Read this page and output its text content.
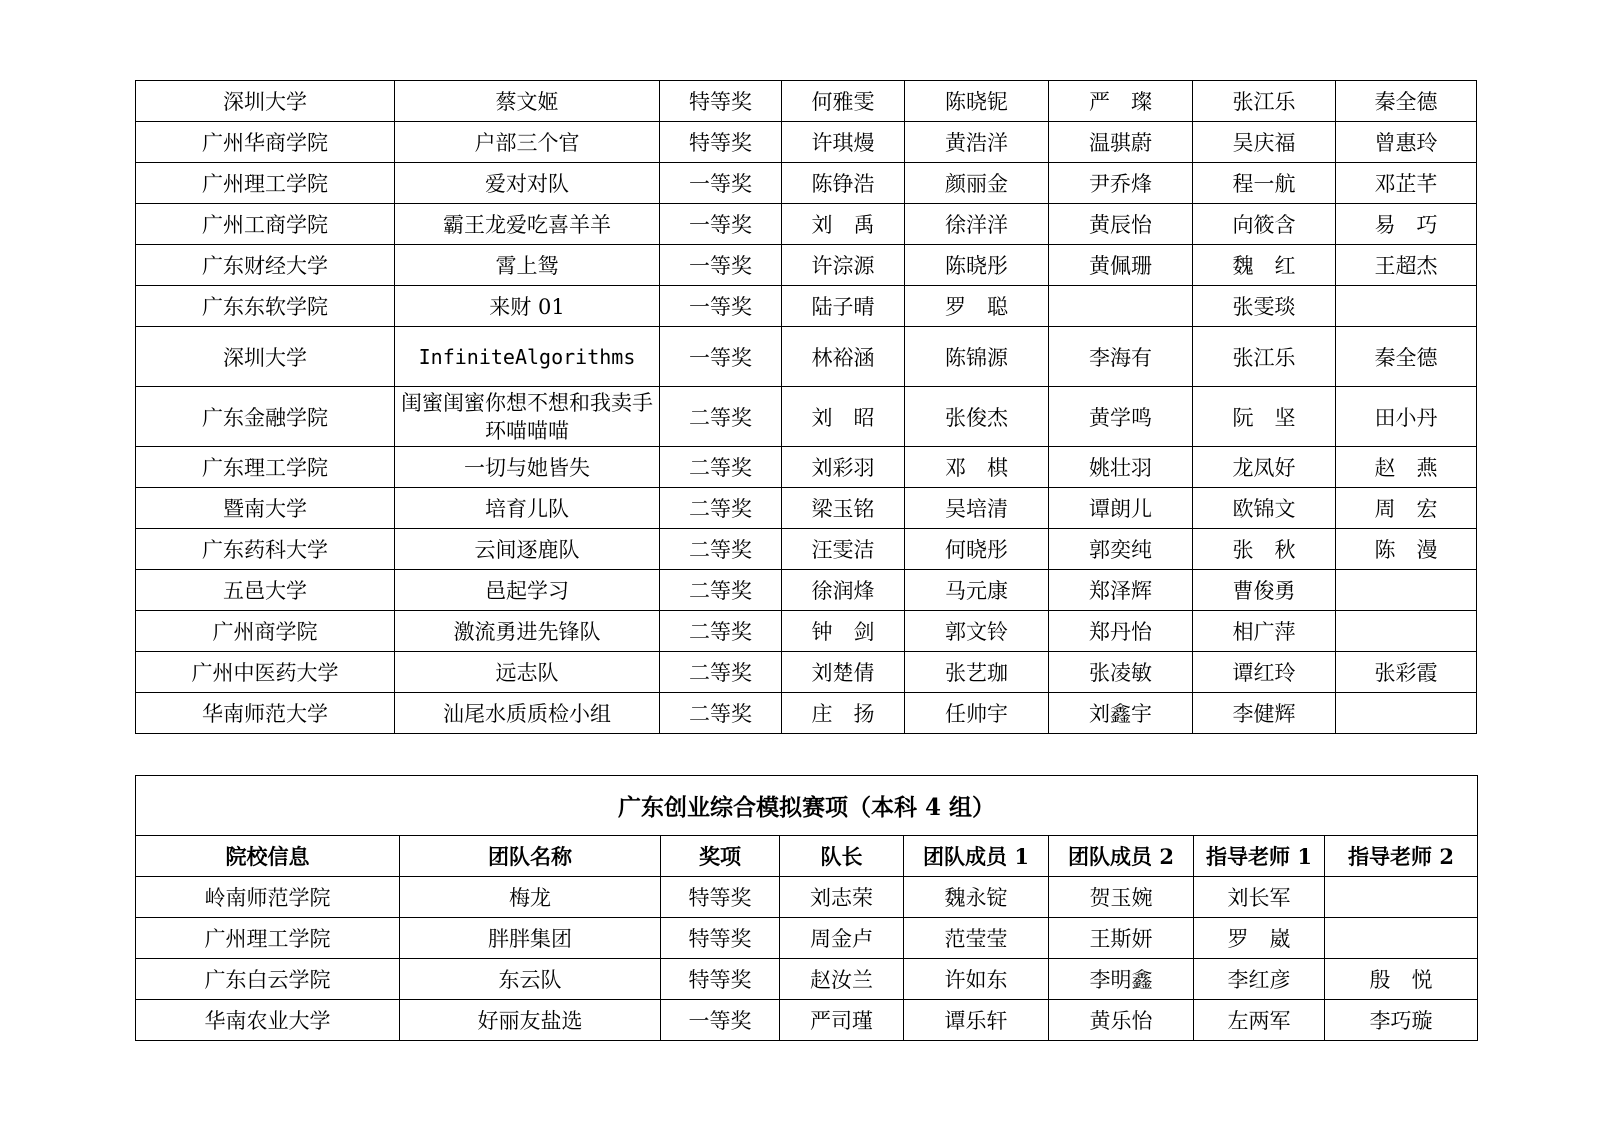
深圳大学	蔡文姬	特等奖	何雅雯	陈晓铌	严　璨	张江乐	秦全德
广州华商学院	户部三个官	特等奖	许琪熳	黄浩洋	温骐蔚	吴庆福	曾惠玲
广州理工学院	爱对对队	一等奖	陈铮浩	颜丽金	尹乔烽	程一航	邓芷芊
广州工商学院	霸王龙爱吃喜羊羊	一等奖	刘　禹	徐洋洋	黄辰怡	向筱含	易　巧
广东财经大学	霄上鸳	一等奖	许淙源	陈晓彤	黄佩珊	魏　红	王超杰
广东东软学院	来财 01	一等奖	陆子晴	罗　聪		张雯琰	
深圳大学	InfiniteAlgorithms	一等奖	林裕涵	陈锦源	李海有	张江乐	秦全德
广东金融学院	闺蜜闺蜜你想不想和我卖手环喵喵喵	二等奖	刘　昭	张俊杰	黄学鸣	阮　坚	田小丹
广东理工学院	一切与她皆失	二等奖	刘彩羽	邓　棋	姚壮羽	龙凤好	赵　燕
暨南大学	培育儿队	二等奖	梁玉铭	吴培清	谭朗儿	欧锦文	周　宏
广东药科大学	云间逐鹿队	二等奖	汪雯洁	何晓彤	郭奕纯	张　秋	陈　漫
五邑大学	邑起学习	二等奖	徐润烽	马元康	郑泽辉	曹俊勇	
广州商学院	激流勇进先锋队	二等奖	钟　剑	郭文铃	郑丹怡	相广萍	
广州中医药大学	远志队	二等奖	刘楚倩	张艺珈	张凌敏	谭红玲	张彩霞
华南师范大学	汕尾水质质检小组	二等奖	庄　扬	任帅宇	刘鑫宇	李健辉	
广东创业综合模拟赛项（本科 4 组）							
院校信息	团队名称	奖项	队长	团队成员 1	团队成员 2	指导老师 1	指导老师 2
岭南师范学院	梅龙	特等奖	刘志荣	魏永锭	贺玉婉	刘长军	
广州理工学院	胖胖集团	特等奖	周金卢	范莹莹	王斯妍	罗　崴	
广东白云学院	东云队	特等奖	赵汝兰	许如东	李明鑫	李红彦	殷　悦
华南农业大学	好丽友盐选	一等奖	严司瑾	谭乐轩	黄乐怡	左两军	李巧璇
